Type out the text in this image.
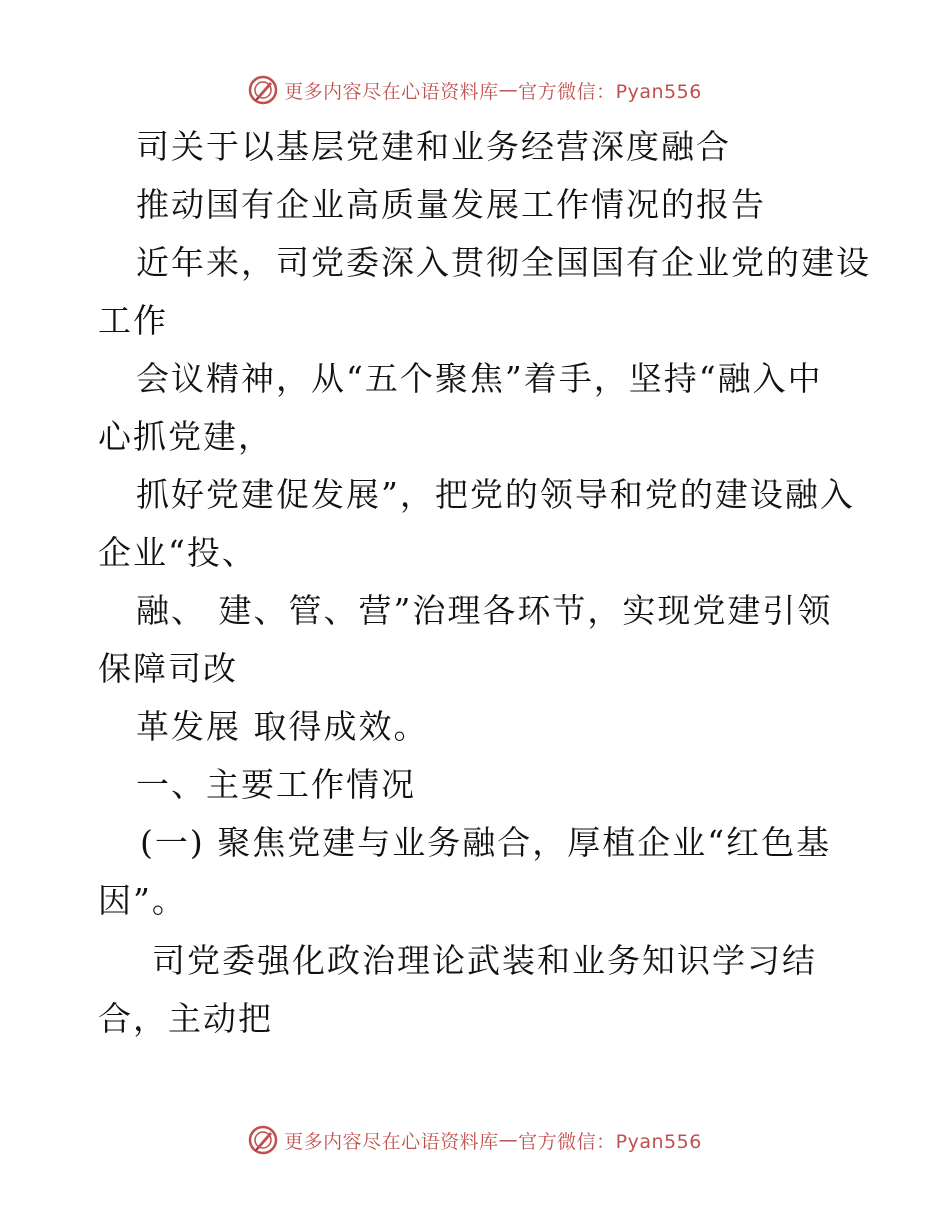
更多内容尽在心语资料库 — 官方微信：Pyan556
司关于以基层党建和业务经营深度融合
推动国有企业高质量发展工作情况的报告
近年来，司党委深入贯彻全国国有企业党的建设
工作
会议精神，从“五个聚焦”着手，坚持“融入中
心抓党建，
抓好党建促发展”，把党的领导和党的建设融入
企业“投、
融、 建、管、营”治理各环节，实现党建引领
保障司改
革发展 取得成效。
一、主要工作情况
(一) 聚焦党建与业务融合，厚植企业“红色基
因”。
司党委强化政治理论武装和业务知识学习结
合，主动把
更多内容尽在心语资料库 — 官方微信：Pyan556
